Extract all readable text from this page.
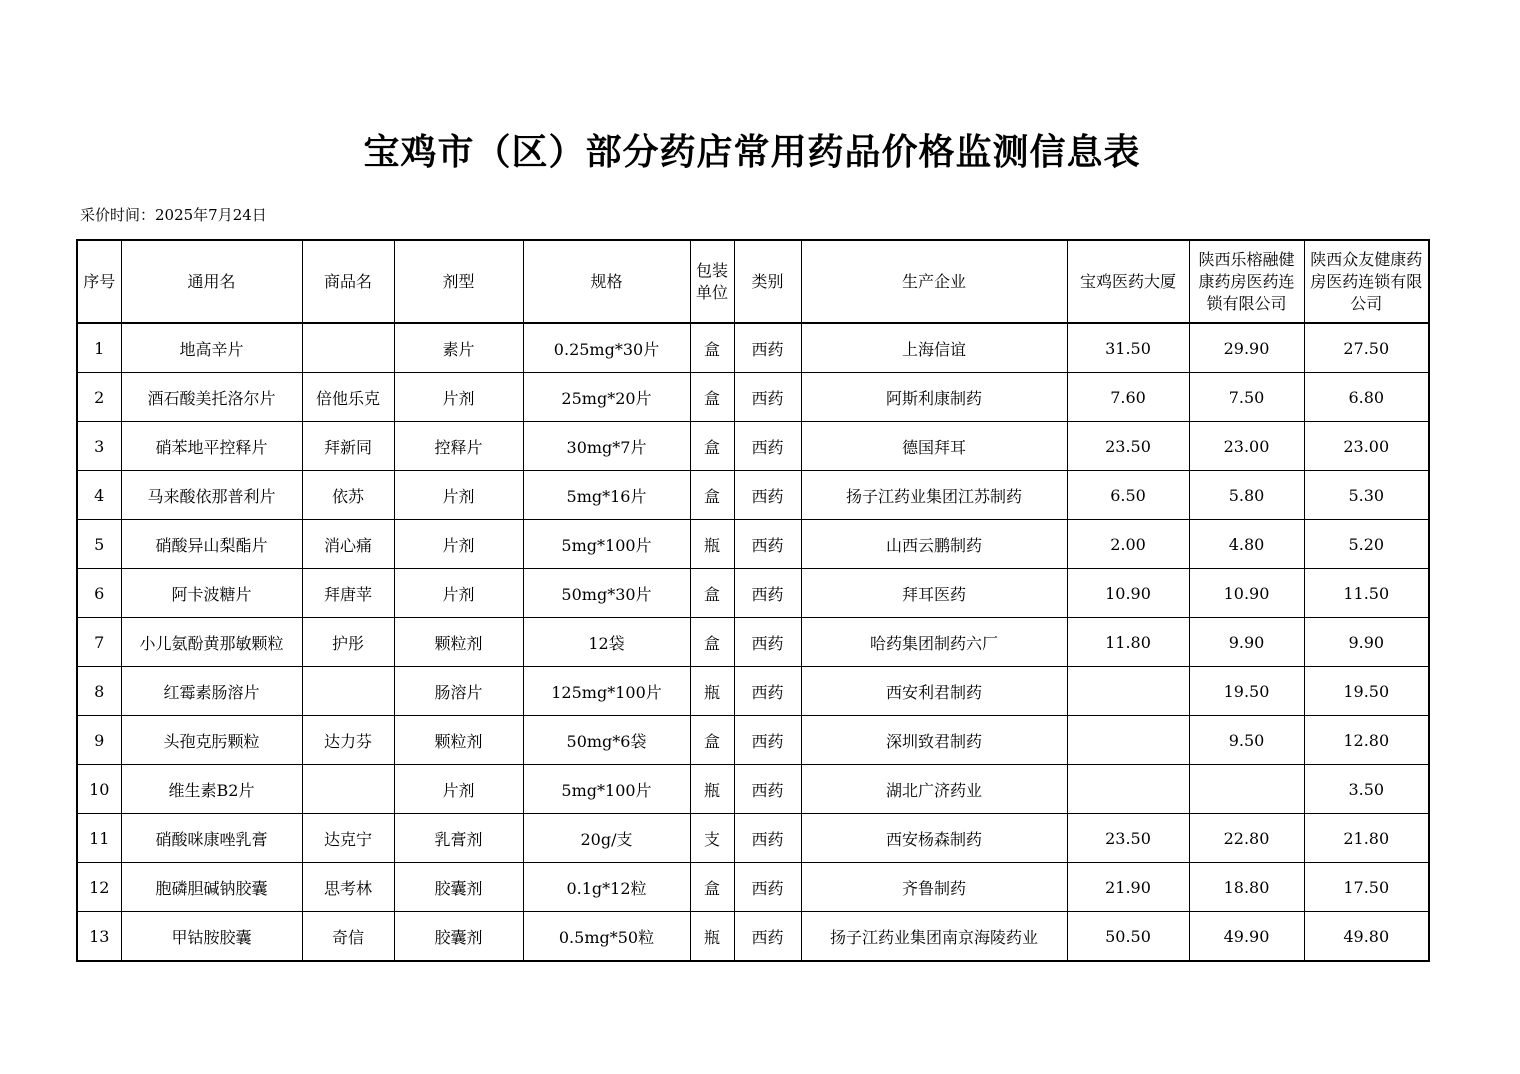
宝鸡市（区）部分药店常用药品价格监测信息表
采价时间：2025年7月24日
序号	通用名	商品名	剂型	规格	包装单位	类别	生产企业	宝鸡医药大厦	陕西乐榕融健康药房医药连锁有限公司	陕西众友健康药房医药连锁有限公司
1	地高辛片		素片	0.25mg*30片	盒	西药	上海信谊	31.50	29.90	27.50
2	酒石酸美托洛尔片	倍他乐克	片剂	25mg*20片	盒	西药	阿斯利康制药	7.60	7.50	6.80
3	硝苯地平控释片	拜新同	控释片	30mg*7片	盒	西药	德国拜耳	23.50	23.00	23.00
4	马来酸依那普利片	依苏	片剂	5mg*16片	盒	西药	扬子江药业集团江苏制药	6.50	5.80	5.30
5	硝酸异山梨酯片	消心痛	片剂	5mg*100片	瓶	西药	山西云鹏制药	2.00	4.80	5.20
6	阿卡波糖片	拜唐苹	片剂	50mg*30片	盒	西药	拜耳医药	10.90	10.90	11.50
7	小儿氨酚黄那敏颗粒	护彤	颗粒剂	12袋	盒	西药	哈药集团制药六厂	11.80	9.90	9.90
8	红霉素肠溶片		肠溶片	125mg*100片	瓶	西药	西安利君制药		19.50	19.50
9	头孢克肟颗粒	达力芬	颗粒剂	50mg*6袋	盒	西药	深圳致君制药		9.50	12.80
10	维生素B2片		片剂	5mg*100片	瓶	西药	湖北广济药业			3.50
11	硝酸咪康唑乳膏	达克宁	乳膏剂	20g/支	支	西药	西安杨森制药	23.50	22.80	21.80
12	胞磷胆碱钠胶囊	思考林	胶囊剂	0.1g*12粒	盒	西药	齐鲁制药	21.90	18.80	17.50
13	甲钴胺胶囊	奇信	胶囊剂	0.5mg*50粒	瓶	西药	扬子江药业集团南京海陵药业	50.50	49.90	49.80
